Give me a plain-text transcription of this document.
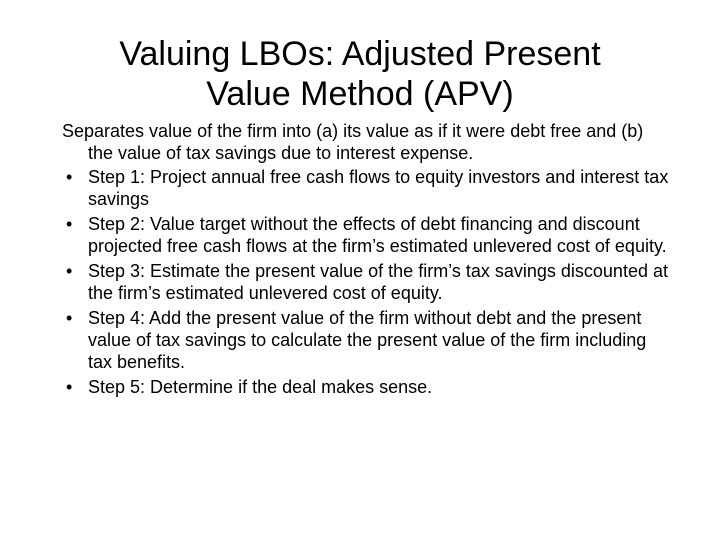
Valuing LBOs: Adjusted Present
Value Method (APV)

Separates value of the firm into (a) its value as if it were debt free and (b) the value of tax savings due to interest expense.

• Step 1: Project annual free cash flows to equity investors and interest tax savings
• Step 2: Value target without the effects of debt financing and discount projected free cash flows at the firm’s estimated unlevered cost of equity.
• Step 3: Estimate the present value of the firm’s tax savings discounted at the firm’s estimated unlevered cost of equity.
• Step 4: Add the present value of the firm without debt and the present value of tax savings to calculate the present value of the firm including tax benefits.
• Step 5: Determine if the deal makes sense.
